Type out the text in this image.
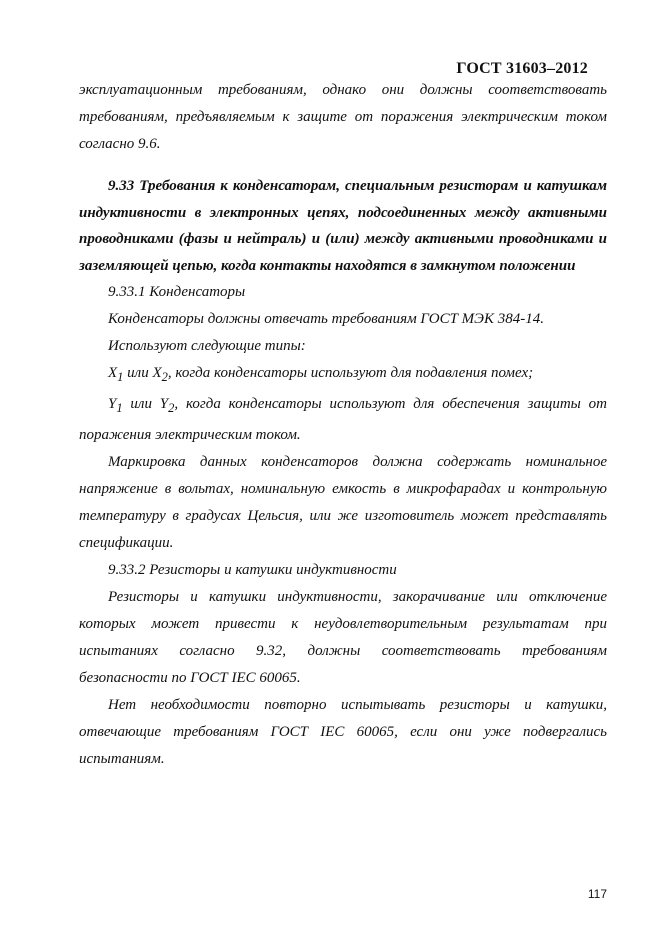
ГОСТ 31603–2012

эксплуатационным требованиям, однако они должны соответствовать требованиям, предъявляемым к защите от поражения электрическим током согласно 9.6.

9.33 Требования к конденсаторам, специальным резисторам и катушкам индуктивности в электронных цепях, подсоединенных между активными проводниками (фазы и нейтраль) и (или) между активными проводниками и заземляющей цепью, когда контакты находятся в замкнутом положении

9.33.1 Конденсаторы

Конденсаторы должны отвечать требованиям ГОСТ МЭК 384-14.

Используют следующие типы:

$X_1$ или $X_2$, когда конденсаторы используют для подавления помех;

$Y_1$ или $Y_2$, когда конденсаторы используют для обеспечения защиты от поражения электрическим током.

Маркировка данных конденсаторов должна содержать номинальное напряжение в вольтах, номинальную емкость в микрофарадах и контрольную температуру в градусах Цельсия, или же изготовитель может представлять спецификации.

9.33.2 Резисторы и катушки индуктивности

Резисторы и катушки индуктивности, закорачивание или отключение которых может привести к неудовлетворительным результатам при испытаниях согласно 9.32, должны соответствовать требованиям безопасности по ГОСТ IEC 60065.

Нет необходимости повторно испытывать резисторы и катушки, отвечающие требованиям ГОСТ IEC 60065, если они уже подвергались испытаниям.

117
